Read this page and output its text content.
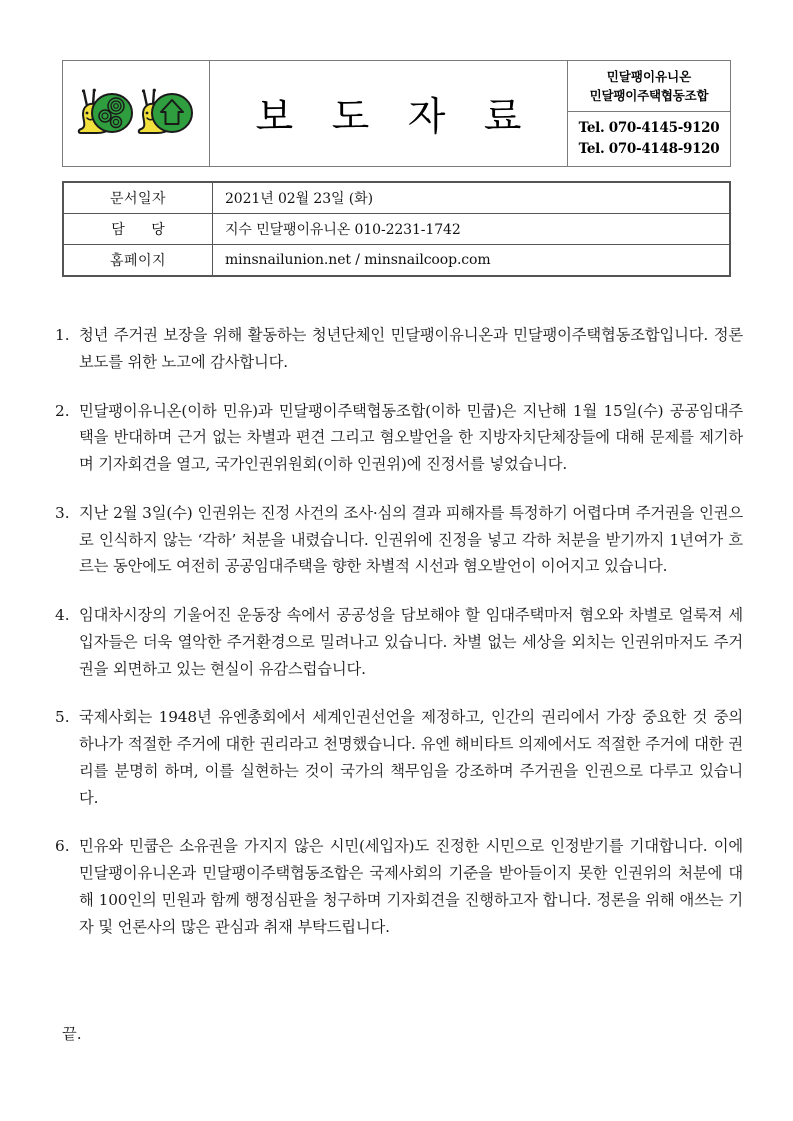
보 도 자 료
민달팽이유니온
민달팽이주택협동조합
Tel. 070-4145-9120
Tel. 070-4148-9120
문서일자	2021년 02월 23일 (화)
담 당	지수 민달팽이유니온 010-2231-1742
홈페이지	minsnailunion.net / minsnailcoop.com
1. 청년 주거권 보장을 위해 활동하는 청년단체인 민달팽이유니온과 민달팽이주택협동조합입니다. 정론보도를 위한 노고에 감사합니다.
2. 민달팽이유니온(이하 민유)과 민달팽이주택협동조합(이하 민쿱)은 지난해 1월 15일(수) 공공임대주택을 반대하며 근거 없는 차별과 편견 그리고 혐오발언을 한 지방자치단체장들에 대해 문제를 제기하며 기자회견을 열고, 국가인권위원회(이하 인권위)에 진정서를 넣었습니다.
3. 지난 2월 3일(수) 인권위는 진정 사건의 조사·심의 결과 피해자를 특정하기 어렵다며 주거권을 인권으로 인식하지 않는 ‘각하’ 처분을 내렸습니다. 인권위에 진정을 넣고 각하 처분을 받기까지 1년여가 흐르는 동안에도 여전히 공공임대주택을 향한 차별적 시선과 혐오발언이 이어지고 있습니다.
4. 임대차시장의 기울어진 운동장 속에서 공공성을 담보해야 할 임대주택마저 혐오와 차별로 얼룩져 세입자들은 더욱 열악한 주거환경으로 밀려나고 있습니다. 차별 없는 세상을 외치는 인권위마저도 주거권을 외면하고 있는 현실이 유감스럽습니다.
5. 국제사회는 1948년 유엔총회에서 세계인권선언을 제정하고, 인간의 권리에서 가장 중요한 것 중의 하나가 적절한 주거에 대한 권리라고 천명했습니다. 유엔 해비타트 의제에서도 적절한 주거에 대한 권리를 분명히 하며, 이를 실현하는 것이 국가의 책무임을 강조하며 주거권을 인권으로 다루고 있습니다.
6. 민유와 민쿱은 소유권을 가지지 않은 시민(세입자)도 진정한 시민으로 인정받기를 기대합니다. 이에 민달팽이유니온과 민달팽이주택협동조합은 국제사회의 기준을 받아들이지 못한 인권위의 처분에 대해 100인의 민원과 함께 행정심판을 청구하며 기자회견을 진행하고자 합니다. 정론을 위해 애쓰는 기자 및 언론사의 많은 관심과 취재 부탁드립니다.
끝.
